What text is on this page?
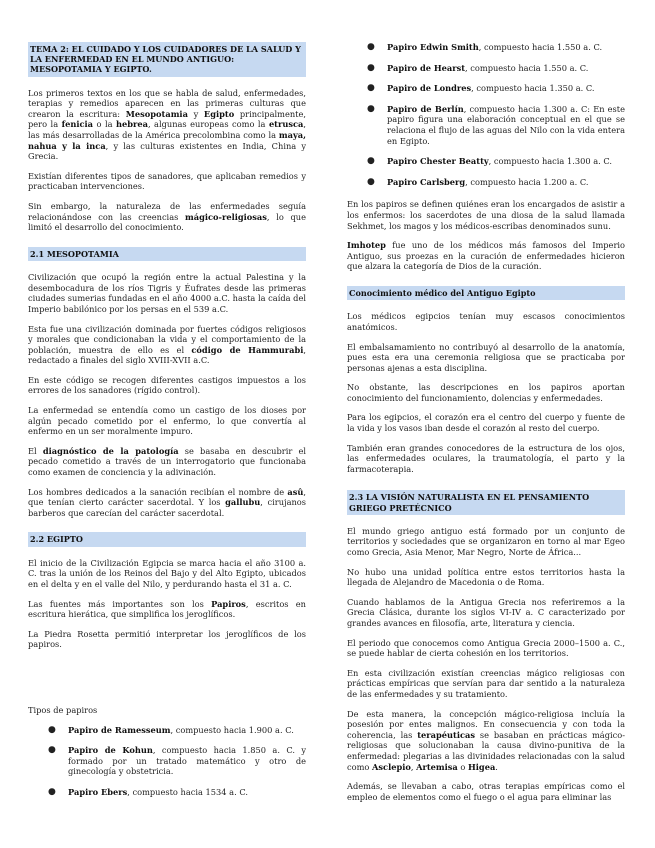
TEMA 2: EL CUIDADO Y LOS CUIDADORES DE LA SALUD Y LA ENFERMEDAD EN EL MUNDO ANTIGUO: MESOPOTAMIA Y EGIPTO.

Los primeros textos en los que se habla de salud, enfermedades, terapias y remedios aparecen en las primeras culturas que crearon la escritura: Mesopotamia y Egipto principalmente, pero la fenicia o la hebrea, algunas europeas como la etrusca, las más desarrolladas de la América precolombina como la maya, nahua y la inca, y las culturas existentes en India, China y Grecia.

Existían diferentes tipos de sanadores, que aplicaban remedios y practicaban intervenciones.

Sin embargo, la naturaleza de las enfermedades seguía relacionándose con las creencias mágico-religiosas, lo que limitó el desarrollo del conocimiento.

2.1 MESOPOTAMIA

Civilización que ocupó la región entre la actual Palestina y la desembocadura de los ríos Tigris y Éufrates desde las primeras ciudades sumerias fundadas en el año 4000 a.C. hasta la caída del Imperio babilónico por los persas en el 539 a.C.

Esta fue una civilización dominada por fuertes códigos religiosos y morales que condicionaban la vida y el comportamiento de la población, muestra de ello es el código de Hammurabi, redactado a finales del siglo XVIII-XVII a.C.

En este código se recogen diferentes castigos impuestos a los errores de los sanadores (rígido control).

La enfermedad se entendía como un castigo de los dioses por algún pecado cometido por el enfermo, lo que convertía al enfermo en un ser moralmente impuro.

El diagnóstico de la patología se basaba en descubrir el pecado cometido a través de un interrogatorio que funcionaba como examen de conciencia y la adivinación.

Los hombres dedicados a la sanación recibían el nombre de asû, que tenían cierto carácter sacerdotal. Y los gallubu, cirujanos barberos que carecían del carácter sacerdotal.

2.2 EGIPTO

El inicio de la Civilización Egipcia se marca hacia el año 3100 a. C. tras la unión de los Reinos del Bajo y del Alto Egipto, ubicados en el delta y en el valle del Nilo, y perdurando hasta el 31 a. C.

Las fuentes más importantes son los Papiros, escritos en escritura hierática, que simplifica los jeroglíficos.

La Piedra Rosetta permitió interpretar los jeroglíficos de los papiros.

Tipos de papiros

● Papiro de Ramesseum, compuesto hacia 1.900 a. C.
● Papiro de Kohun, compuesto hacia 1.850 a. C. y formado por un tratado matemático y otro de ginecología y obstetricia.
● Papiro Ebers, compuesto hacia 1534 a. C.
● Papiro Edwin Smith, compuesto hacia 1.550 a. C.
● Papiro de Hearst, compuesto hacia 1.550 a. C.
● Papiro de Londres, compuesto hacia 1.350 a. C.
● Papiro de Berlín, compuesto hacia 1.300 a. C: En este papiro figura una elaboración conceptual en el que se relaciona el flujo de las aguas del Nilo con la vida entera en Egipto.
● Papiro Chester Beatty, compuesto hacia 1.300 a. C.
● Papiro Carlsberg, compuesto hacia 1.200 a. C.

En los papiros se definen quiénes eran los encargados de asistir a los enfermos: los sacerdotes de una diosa de la salud llamada Sekhmet, los magos y los médicos-escribas denominados sunu.

Imhotep fue uno de los médicos más famosos del Imperio Antiguo, sus proezas en la curación de enfermedades hicieron que alzara la categoría de Dios de la curación.

Conocimiento médico del Antiguo Egipto

Los médicos egipcios tenían muy escasos conocimientos anatómicos.

El embalsamamiento no contribuyó al desarrollo de la anatomía, pues esta era una ceremonia religiosa que se practicaba por personas ajenas a esta disciplina.

No obstante, las descripciones en los papiros aportan conocimiento del funcionamiento, dolencias y enfermedades.

Para los egipcios, el corazón era el centro del cuerpo y fuente de la vida y los vasos iban desde el corazón al resto del cuerpo.

También eran grandes conocedores de la estructura de los ojos, las enfermedades oculares, la traumatología, el parto y la farmacoterapia.

2.3 LA VISIÓN NATURALISTA EN EL PENSAMIENTO GRIEGO PRETÉCNICO

El mundo griego antiguo está formado por un conjunto de territorios y sociedades que se organizaron en torno al mar Egeo como Grecia, Asia Menor, Mar Negro, Norte de África...

No hubo una unidad política entre estos territorios hasta la llegada de Alejandro de Macedonia o de Roma.

Cuando hablamos de la Antigua Grecia nos referiremos a la Grecia Clásica, durante los siglos VI-IV a. C caracterizado por grandes avances en filosofía, arte, literatura y ciencia.

El periodo que conocemos como Antigua Grecia 2000–1500 a. C., se puede hablar de cierta cohesión en los territorios.

En esta civilización existían creencias mágico religiosas con prácticas empíricas que servían para dar sentido a la naturaleza de las enfermedades y su tratamiento.

De esta manera, la concepción mágico-religiosa incluía la posesión por entes malignos. En consecuencia y con toda la coherencia, las terapéuticas se basaban en prácticas mágico-religiosas que solucionaban la causa divino-punitiva de la enfermedad: plegarias a las divinidades relacionadas con la salud como Asclepio, Artemisa o Higea.

Además, se llevaban a cabo, otras terapias empíricas como el empleo de elementos como el fuego o el agua para eliminar las
